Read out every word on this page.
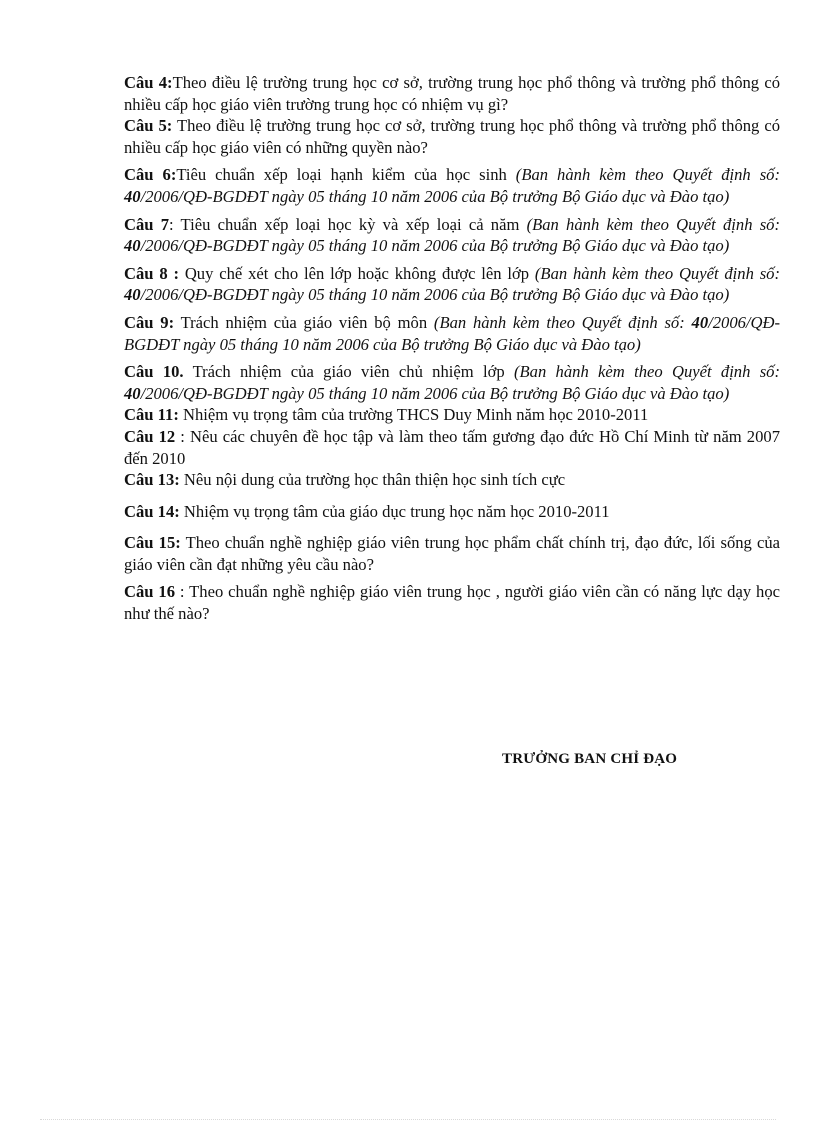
Câu 4:Theo điều lệ trường trung học cơ sở, trường trung học phổ thông và trường phổ thông có nhiều cấp học giáo viên trường trung học có nhiệm vụ gì?

Câu 5: Theo điều lệ trường trung học cơ sở, trường trung học phổ thông và trường phổ thông có nhiều cấp học giáo viên có những quyền nào?

Câu 6:Tiêu chuẩn xếp loại hạnh kiểm của học sinh (Ban hành kèm theo Quyết định số: 40/2006/QĐ-BGDĐT ngày 05 tháng 10 năm 2006 của Bộ trưởng Bộ Giáo dục và Đào tạo)

Câu 7: Tiêu chuẩn xếp loại học kỳ và xếp loại cả năm (Ban hành kèm theo Quyết định số: 40/2006/QĐ-BGDĐT ngày 05 tháng 10 năm 2006 của Bộ trưởng Bộ Giáo dục và Đào tạo)

Câu 8 : Quy chế xét cho lên lớp hoặc không được lên lớp (Ban hành kèm theo Quyết định số: 40/2006/QĐ-BGDĐT ngày 05 tháng 10 năm 2006 của Bộ trưởng Bộ Giáo dục và Đào tạo)

Câu 9: Trách nhiệm của giáo viên bộ môn (Ban hành kèm theo Quyết định số: 40/2006/QĐ-BGDĐT ngày 05 tháng 10 năm 2006 của Bộ trưởng Bộ Giáo dục và Đào tạo)

Câu 10. Trách nhiệm của giáo viên chủ nhiệm lớp (Ban hành kèm theo Quyết định số: 40/2006/QĐ-BGDĐT ngày 05 tháng 10 năm 2006 của Bộ trưởng Bộ Giáo dục và Đào tạo)

Câu 11: Nhiệm vụ trọng tâm của trường THCS Duy Minh năm học 2010-2011

Câu 12 : Nêu các chuyên đề học tập và làm theo tấm gương đạo đức Hồ Chí Minh từ năm 2007 đến 2010

Câu 13: Nêu nội dung của trường học thân thiện học sinh tích cực

Câu 14: Nhiệm vụ trọng tâm của giáo dục trung học năm học 2010-2011

Câu 15: Theo chuẩn nghề nghiệp giáo viên trung học phẩm chất chính trị, đạo đức, lối sống của giáo viên cần đạt những yêu cầu nào?

Câu 16 : Theo chuẩn nghề nghiệp giáo viên trung học , người giáo viên cần có năng lực dạy học như thế nào?

TRƯỞNG BAN CHỈ ĐẠO
